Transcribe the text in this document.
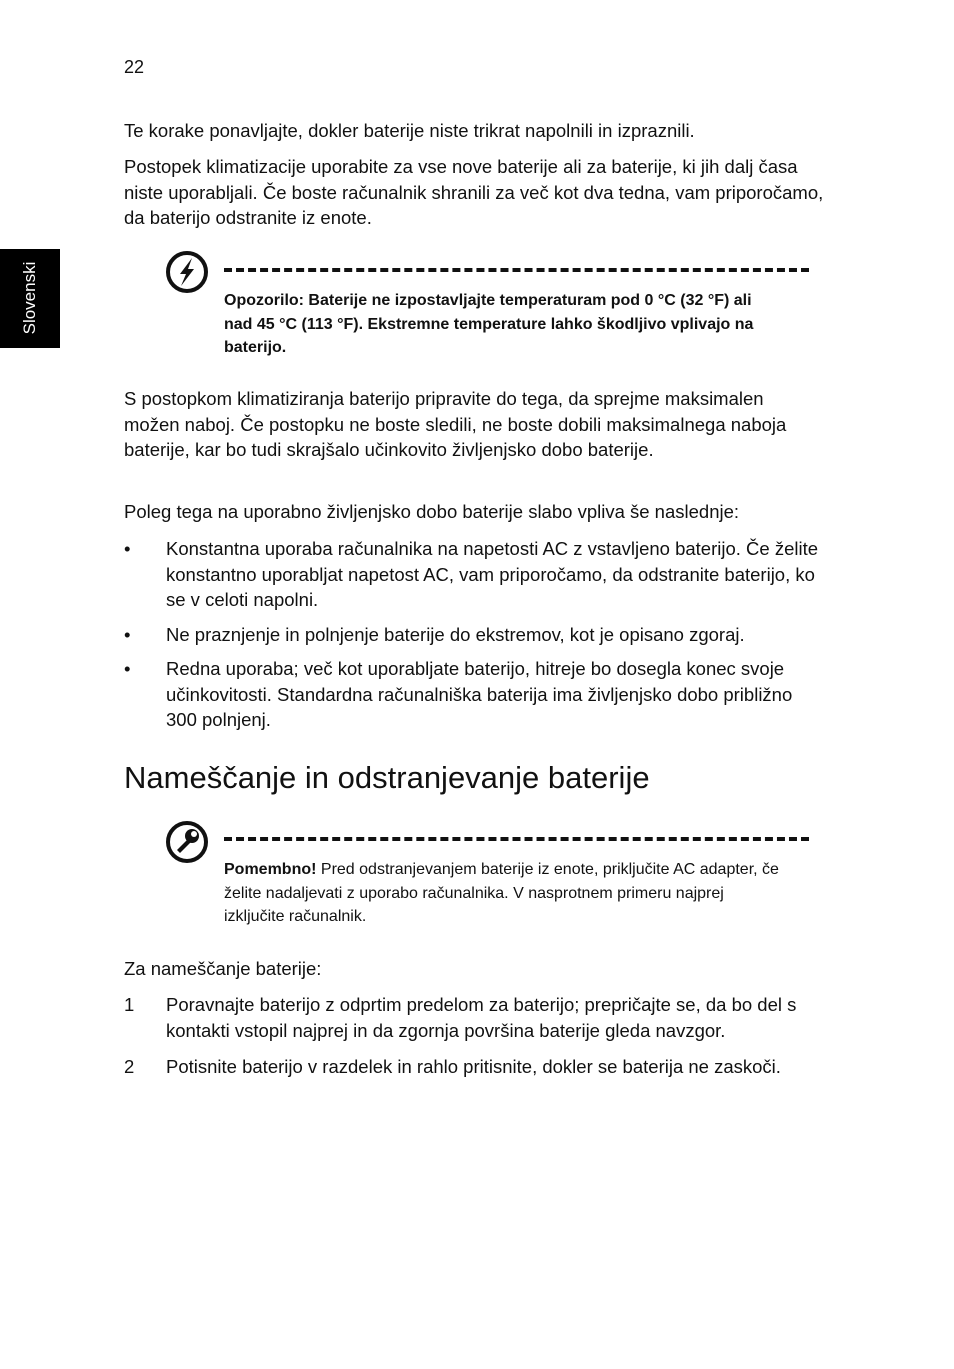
22
Slovenski

Te korake ponavljajte, dokler baterije niste trikrat napolnili in izpraznili.

Postopek klimatizacije uporabite za vse nove baterije ali za baterije, ki jih dalj časa niste uporabljali. Če boste računalnik shranili za več kot dva tedna, vam priporočamo, da baterijo odstranite iz enote.

Opozorilo: Baterije ne izpostavljajte temperaturam pod 0 °C (32 °F) ali nad 45 °C (113 °F). Ekstremne temperature lahko škodljivo vplivajo na baterijo.

S postopkom klimatiziranja baterijo pripravite do tega, da sprejme maksimalen možen naboj. Če postopku ne boste sledili, ne boste dobili maksimalnega naboja baterije, kar bo tudi skrajšalo učinkovito življenjsko dobo baterije.

Poleg tega na uporabno življenjsko dobo baterije slabo vpliva še naslednje:

• Konstantna uporaba računalnika na napetosti AC z vstavljeno baterijo. Če želite konstantno uporabljat napetost AC, vam priporočamo, da odstranite baterijo, ko se v celoti napolni.
• Ne praznjenje in polnjenje baterije do ekstremov, kot je opisano zgoraj.
• Redna uporaba; več kot uporabljate baterijo, hitreje bo dosegla konec svoje učinkovitosti. Standardna računalniška baterija ima življenjsko dobo približno 300 polnjenj.
Nameščanje in odstranjevanje baterije

Pomembno! Pred odstranjevanjem baterije iz enote, priključite AC adapter, če želite nadaljevati z uporabo računalnika. V nasprotnem primeru najprej izključite računalnik.

Za nameščanje baterije:

1 Poravnajte baterijo z odprtim predelom za baterijo; prepričajte se, da bo del s kontakti vstopil najprej in da zgornja površina baterije gleda navzgor.
2 Potisnite baterijo v razdelek in rahlo pritisnite, dokler se baterija ne zaskoči.
